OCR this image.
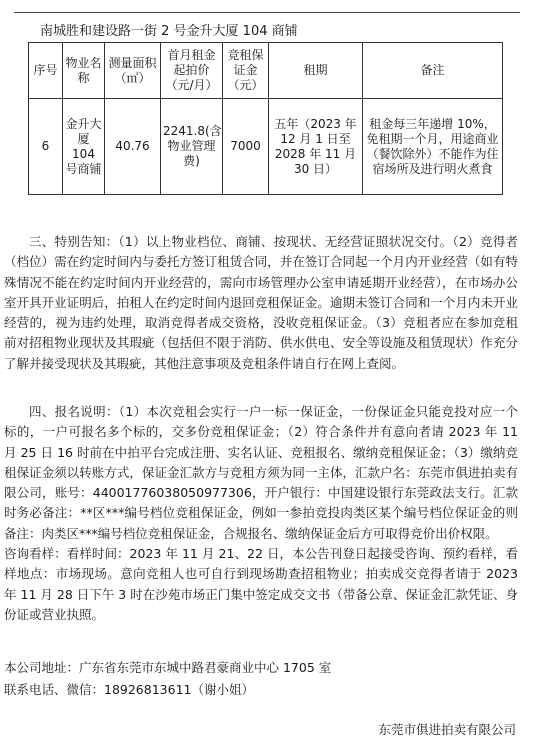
南城胜和建设路一街 2 号金升大厦 104 商铺
序号	物业名称	测量面积（㎡）	首月租金起拍价（元/月）	竞租保证金（元）	租期	备注
6	金升大厦 104 号商铺	40.76	2241.8(含物业管理费)	7000	五年（2023 年 12 月 1 日至 2028 年 11 月 30 日）	租金每三年递增 10%，免租期一个月，用途商业（餐饮除外）不能作为住宿场所及进行明火煮食

三、特别告知：（1）以上物业档位、商铺、按现状、无经营证照状况交付。（2）竞得者（档位）需在约定时间内与委托方签订租赁合同，并在签订合同起一个月内开业经营（如有特殊情况不能在约定时间内开业经营的，需向市场管理办公室申请延期开业经营），在市场办公室开具开业证明后，拍租人在约定时间内退回竞租保证金。逾期未签订合同和一个月内未开业经营的，视为违约处理，取消竞得者成交资格，没收竞租保证金。（3）竞租者应在参加竞租前对招租物业现状及其瑕疵（包括但不限于消防、供水供电、安全等设施及租赁现状）作充分了解并接受现状及其瑕疵，其他注意事项及竞租条件请自行在网上查阅。

四、报名说明：（1）本次竞租会实行一户一标一保证金，一份保证金只能竞投对应一个标的，一户可报名多个标的，交多份竞租保证金；（2）符合条件并有意向者请 2023 年 11 月 25 日 16 时前在中拍平台完成注册、实名认证、竞租报名、缴纳竞租保证金；（3）缴纳竞租保证金须以转账方式，保证金汇款方与竞租方须为同一主体，汇款户名：东莞市俱进拍卖有限公司，账号：44001776038050977306，开户银行：中国建设银行东莞政法支行。汇款时务必备注：**区***编号档位竞租保证金，例如一参拍竞投肉类区某个编号档位保证金的则备注：肉类区***编号档位竞租保证金，合规报名、缴纳保证金后方可取得竞价出价权限。

咨询看样：看样时间：2023 年 11 月 21、22 日，本公告刊登日起接受咨询、预约看样，看样地点：市场现场。意向竞租人也可自行到现场勘查招租物业；拍卖成交竞得者请于 2023 年 11 月 28 日下午 3 时在沙苑市场正门集中签定成交文书（带备公章、保证金汇款凭证、身份证或营业执照。

本公司地址：广东省东莞市东城中路君豪商业中心 1705 室
联系电话、微信：18926813611（谢小姐）
东莞市俱进拍卖有限公司
